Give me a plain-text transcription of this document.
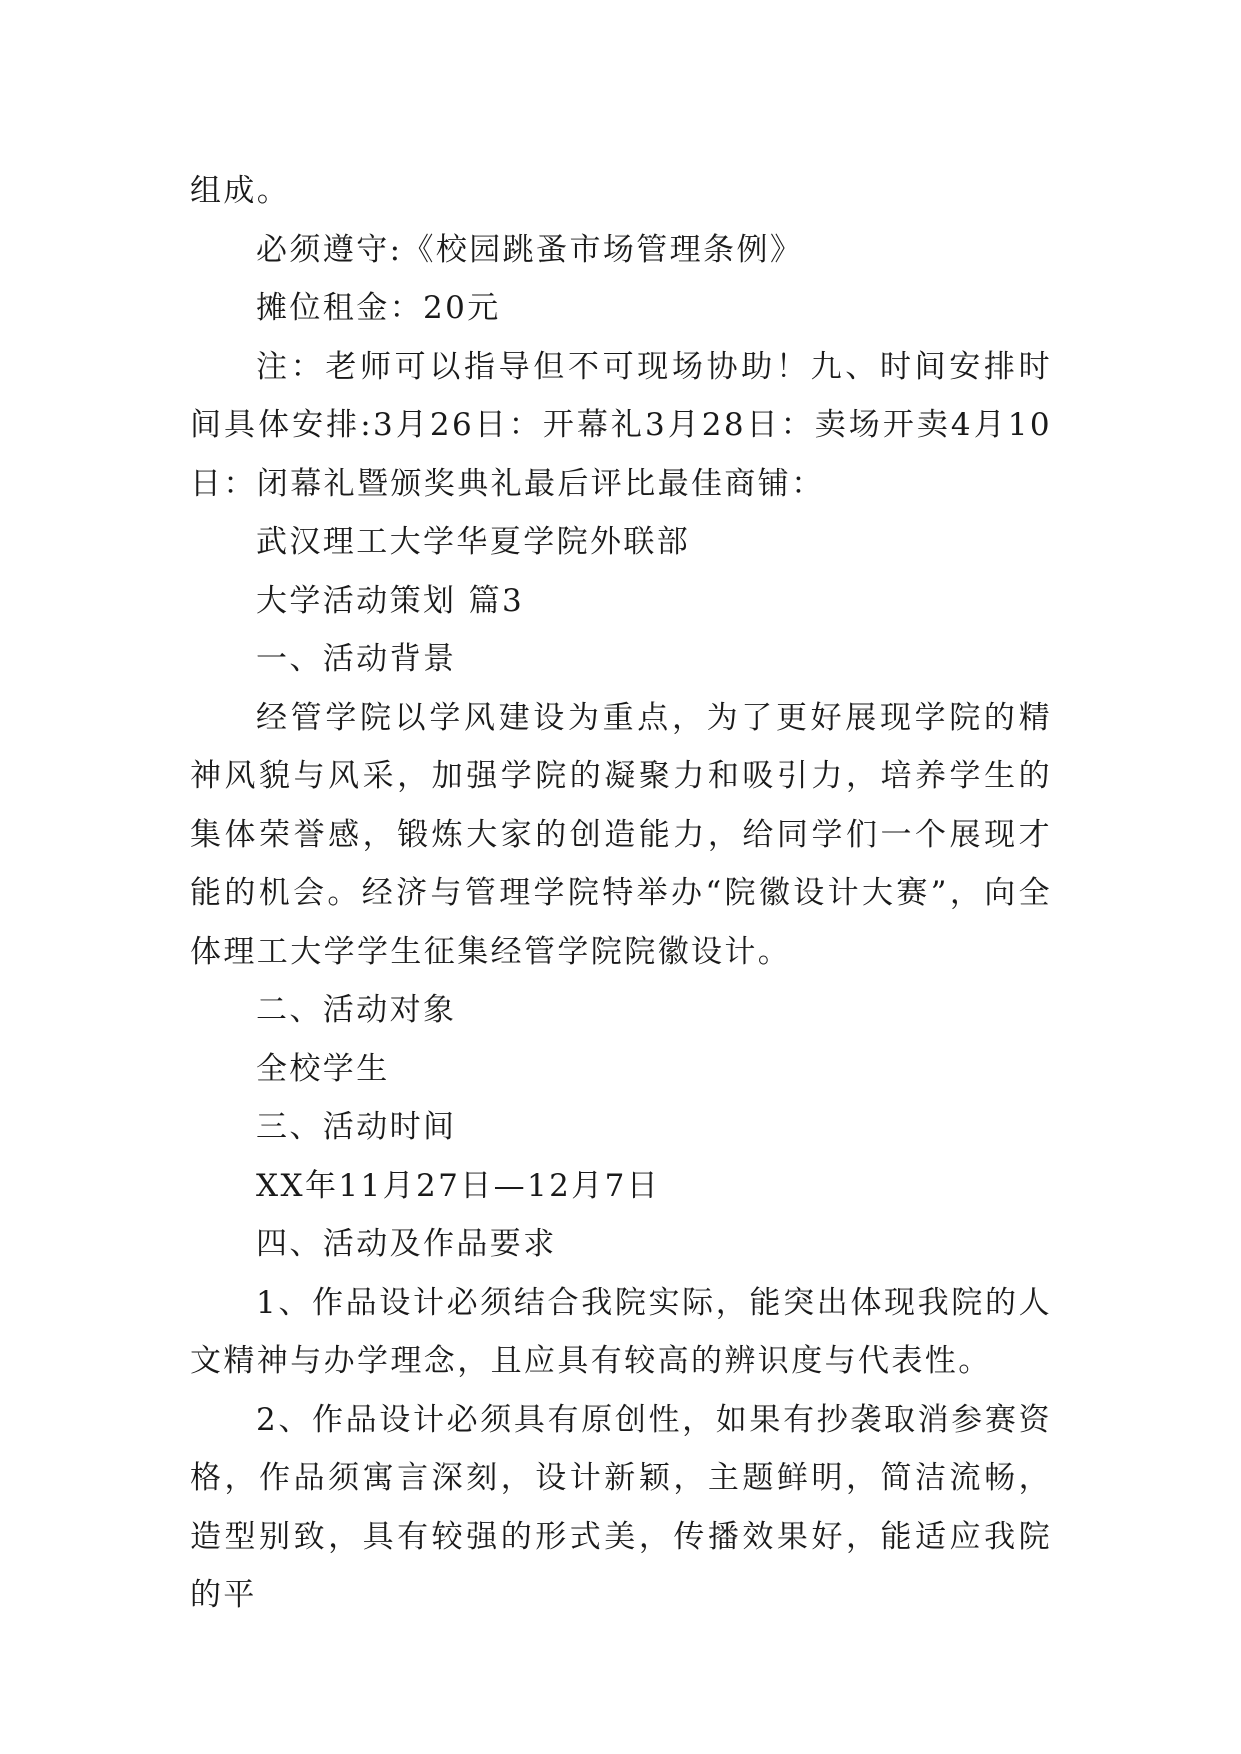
组成。

必须遵守:《校园跳蚤市场管理条例》

摊位租金：20元

注：老师可以指导但不可现场协助！九、时间安排时间具体安排:3月26日：开幕礼3月28日：卖场开卖4月10日：闭幕礼暨颁奖典礼最后评比最佳商铺：

武汉理工大学华夏学院外联部

大学活动策划 篇3

一、活动背景

经管学院以学风建设为重点，为了更好展现学院的精神风貌与风采，加强学院的凝聚力和吸引力，培养学生的集体荣誉感，锻炼大家的创造能力，给同学们一个展现才能的机会。经济与管理学院特举办“院徽设计大赛”，向全体理工大学学生征集经管学院院徽设计。

二、活动对象

全校学生

三、活动时间

XX年11月27日—12月7日

四、活动及作品要求

1、作品设计必须结合我院实际，能突出体现我院的人文精神与办学理念，且应具有较高的辨识度与代表性。

2、作品设计必须具有原创性，如果有抄袭取消参赛资格，作品须寓言深刻，设计新颖，主题鲜明，简洁流畅，造型别致，具有较强的形式美，传播效果好，能适应我院的平
